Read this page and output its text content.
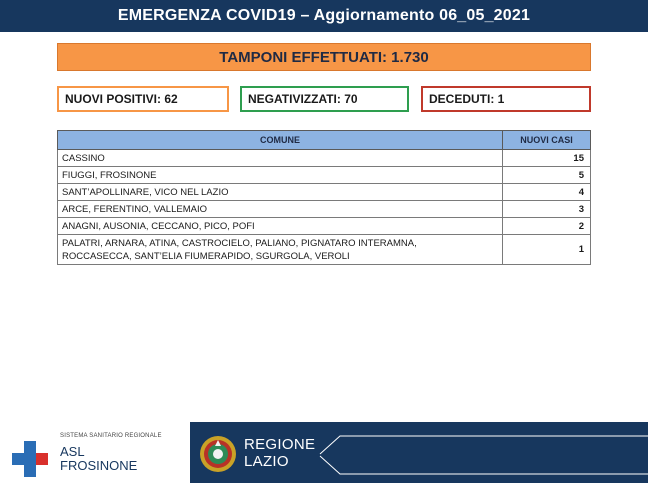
EMERGENZA COVID19 – Aggiornamento 06_05_2021
TAMPONI EFFETTUATI: 1.730
NUOVI POSITIVI: 62	NEGATIVIZZATI: 70	DECEDUTI: 1
COMUNE	NUOVI CASI
CASSINO	15
FIUGGI, FROSINONE	5
SANT’APOLLINARE, VICO NEL LAZIO	4
ARCE, FERENTINO, VALLEMAIO	3
ANAGNI, AUSONIA, CECCANO, PICO, POFI	2

PALATRI, ARNARA, ATINA, CASTROCIELO, PALIANO, PIGNATARO INTERAMNA,
ROCCASECCA, SANT’ELIA FIUMERAPIDO, SGURGOLA, VEROLI	1
SISTEMA SANITARIO REGIONALE
ASL
FROSINONE
REGIONE
LAZIO
